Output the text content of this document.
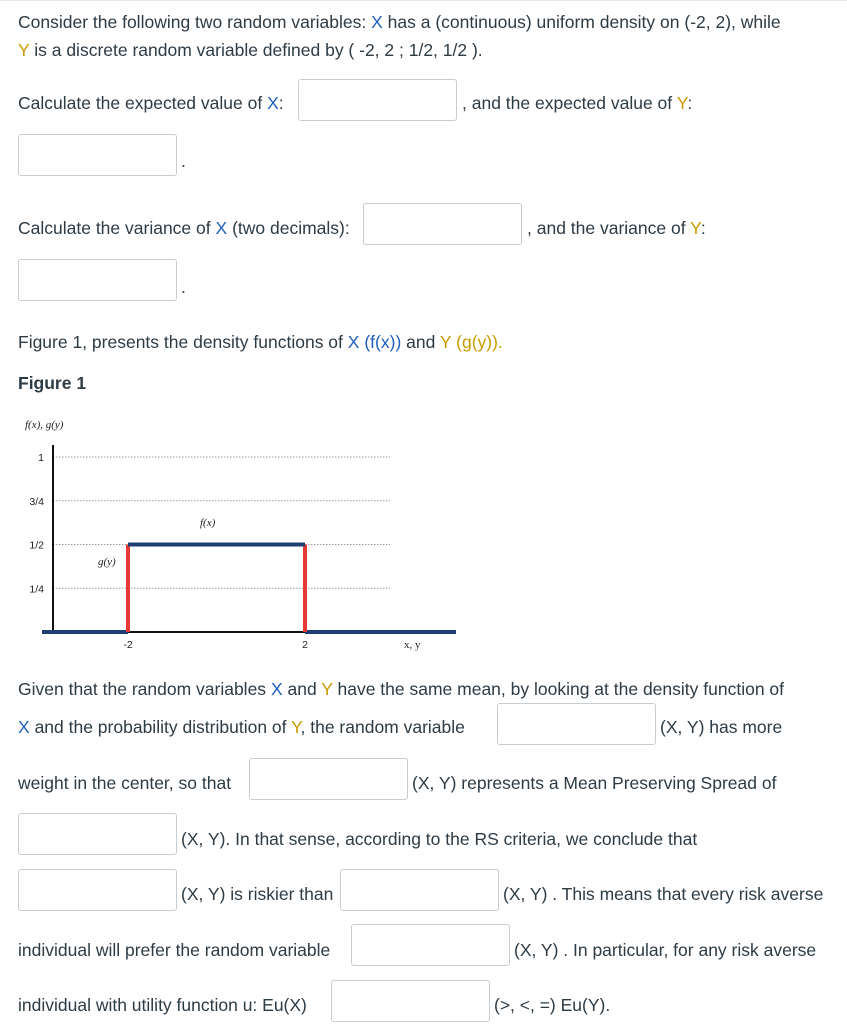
Consider the following two random variables: X has a (continuous) uniform density on (-2, 2), while
Y is a discrete random variable defined by ( -2, 2 ; 1/2, 1/2 ).
Calculate the expected value of X:	, and the expected value of Y:
.
Calculate the variance of X (two decimals):	, and the variance of Y:
.
Figure 1, presents the density functions of X (f(x)) and Y (g(y)).
Figure 1
f(x), g(y)
1
3/4
1/2
1/4
-2	2
f(x)
g(y)
x, y
Given that the random variables X and Y have the same mean, by looking at the density function of
X and the probability distribution of Y, the random variable	(X, Y) has more
weight in the center, so that	(X, Y) represents a Mean Preserving Spread of
(X, Y). In that sense, according to the RS criteria, we conclude that
(X, Y) is riskier than	(X, Y) . This means that every risk averse
individual will prefer the random variable	(X, Y) . In particular, for any risk averse
individual with utility function u: Eu(X)	(>, <, =) Eu(Y).
